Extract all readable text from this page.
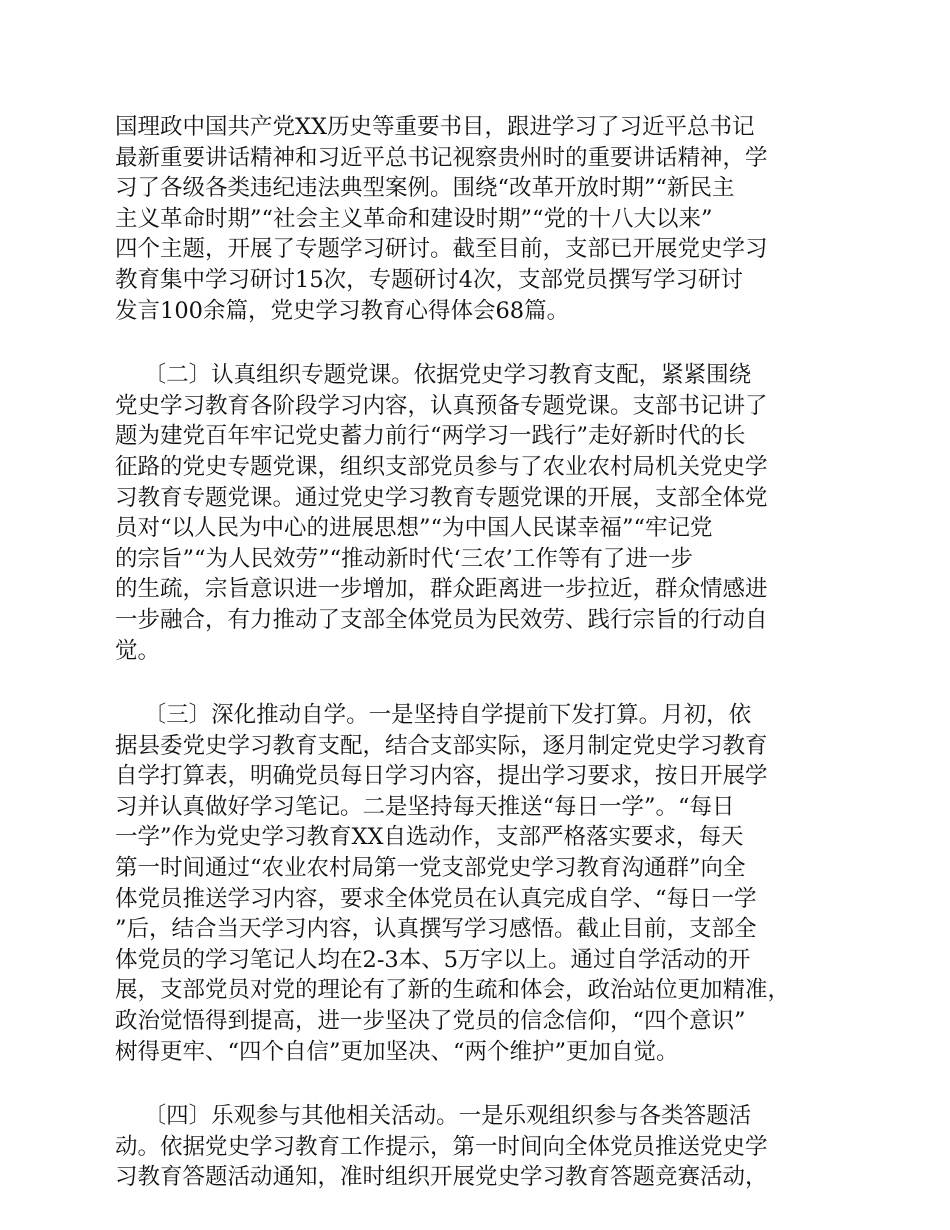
国理政中国共产党XX历史等重要书目，跟进学习了习近平总书记
最新重要讲话精神和习近平总书记视察贵州时的重要讲话精神，学
习了各级各类违纪违法典型案例。围绕“改革开放时期”“新民主
主义革命时期”“社会主义革命和建设时期”“党的十八大以来”
四个主题，开展了专题学习研讨。截至目前，支部已开展党史学习
教育集中学习研讨15次，专题研讨4次，支部党员撰写学习研讨
发言100余篇，党史学习教育心得体会68篇。
〔二〕认真组织专题党课。依据党史学习教育支配，紧紧围绕
党史学习教育各阶段学习内容，认真预备专题党课。支部书记讲了
题为建党百年牢记党史蓄力前行“两学习一践行”走好新时代的长
征路的党史专题党课，组织支部党员参与了农业农村局机关党史学
习教育专题党课。通过党史学习教育专题党课的开展，支部全体党
员对“以人民为中心的进展思想”“为中国人民谋幸福”“牢记党
的宗旨”“为人民效劳”“推动新时代‘三农’工作等有了进一步
的生疏，宗旨意识进一步增加，群众距离进一步拉近，群众情感进
一步融合，有力推动了支部全体党员为民效劳、践行宗旨的行动自
觉。
〔三〕深化推动自学。一是坚持自学提前下发打算。月初，依
据县委党史学习教育支配，结合支部实际，逐月制定党史学习教育
自学打算表，明确党员每日学习内容，提出学习要求，按日开展学
习并认真做好学习笔记。二是坚持每天推送“每日一学”。“每日
一学”作为党史学习教育XX自选动作，支部严格落实要求，每天
第一时间通过“农业农村局第一党支部党史学习教育沟通群”向全
体党员推送学习内容，要求全体党员在认真完成自学、“每日一学
”后，结合当天学习内容，认真撰写学习感悟。截止目前，支部全
体党员的学习笔记人均在2-3本、5万字以上。通过自学活动的开
展，支部党员对党的理论有了新的生疏和体会，政治站位更加精准，
政治觉悟得到提高，进一步坚决了党员的信念信仰，“四个意识”
树得更牢、“四个自信”更加坚决、“两个维护”更加自觉。
〔四〕乐观参与其他相关活动。一是乐观组织参与各类答题活
动。依据党史学习教育工作提示，第一时间向全体党员推送党史学
习教育答题活动通知，准时组织开展党史学习教育答题竞赛活动，
